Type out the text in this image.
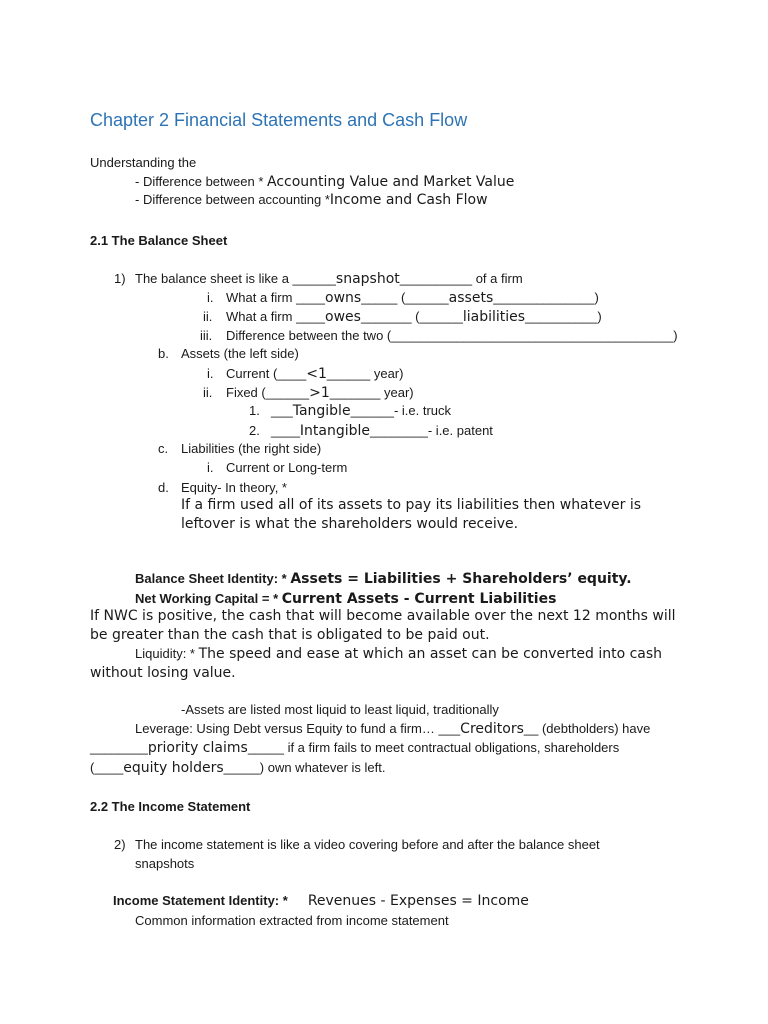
Chapter 2 Financial Statements and Cash Flow
Understanding the
- Difference between * Accounting Value and Market Value
- Difference between accounting *Income and Cash Flow
2.1 The Balance Sheet
1) The balance sheet is like a ______snapshot__________ of a firm
i. What a firm ____owns_____ (______assets______________)
ii. What a firm ____owes_______ (______liabilities__________)
iii. Difference between the two (_______________________________________)
b. Assets (the left side)
i. Current (____<1______ year)
ii. Fixed (______>1_______ year)
1. ___Tangible______- i.e. truck
2. ____Intangible________- i.e. patent
c. Liabilities (the right side)
i. Current or Long-term
d. Equity- In theory, *
If a firm used all of its assets to pay its liabilities then whatever is
leftover is what the shareholders would receive.
Balance Sheet Identity: * Assets = Liabilities + Shareholders’ equity.
Net Working Capital = * Current Assets - Current Liabilities
If NWC is positive, the cash that will become available over the next 12 months will
be greater than the cash that is obligated to be paid out.
Liquidity: * The speed and ease at which an asset can be converted into cash
without losing value.
-Assets are listed most liquid to least liquid, traditionally
Leverage: Using Debt versus Equity to fund a firm… ___Creditors__ (debtholders) have
________priority claims_____ if a firm fails to meet contractual obligations, shareholders
(____equity holders_____) own whatever is left.
2.2 The Income Statement
2) The income statement is like a video covering before and after the balance sheet
snapshots
Income Statement Identity: * Revenues - Expenses = Income
Common information extracted from income statement
